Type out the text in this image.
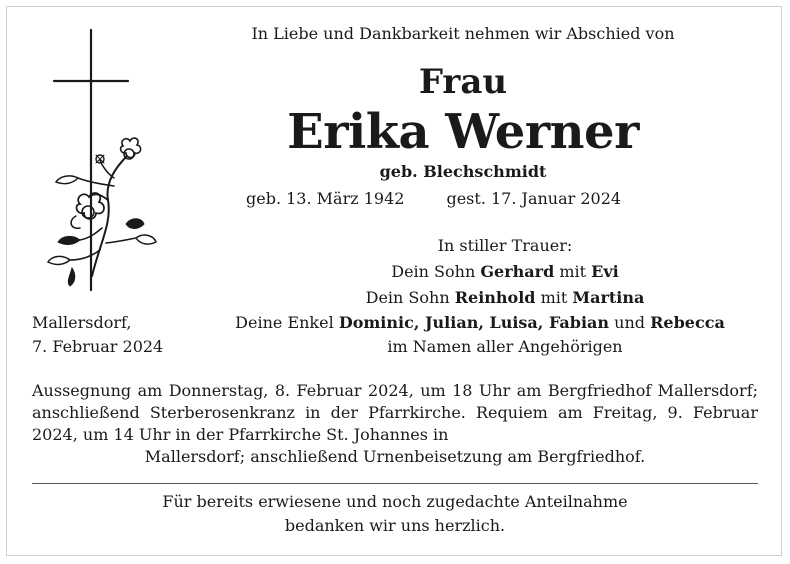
In Liebe und Dankbarkeit nehmen wir Abschied von
Frau
Erika Werner
geb. Blechschmidt
geb. 13. März 1942	gest. 17. Januar 2024
In stiller Trauer:
Dein Sohn Gerhard mit Evi
Dein Sohn Reinhold mit Martina
Deine Enkel Dominic, Julian, Luisa, Fabian und Rebecca
im Namen aller Angehörigen
Mallersdorf,
7. Februar 2024
Aussegnung am Donnerstag, 8. Februar 2024, um 18 Uhr am Bergfriedhof Mallersdorf; anschließend Sterberosenkranz in der Pfarrkirche. Requiem am Freitag, 9. Februar 2024, um 14 Uhr in der Pfarrkirche St. Johannes in
Mallersdorf; anschließend Urnenbeisetzung am Bergfriedhof.
Für bereits erwiesene und noch zugedachte Anteilnahme
bedanken wir uns herzlich.
